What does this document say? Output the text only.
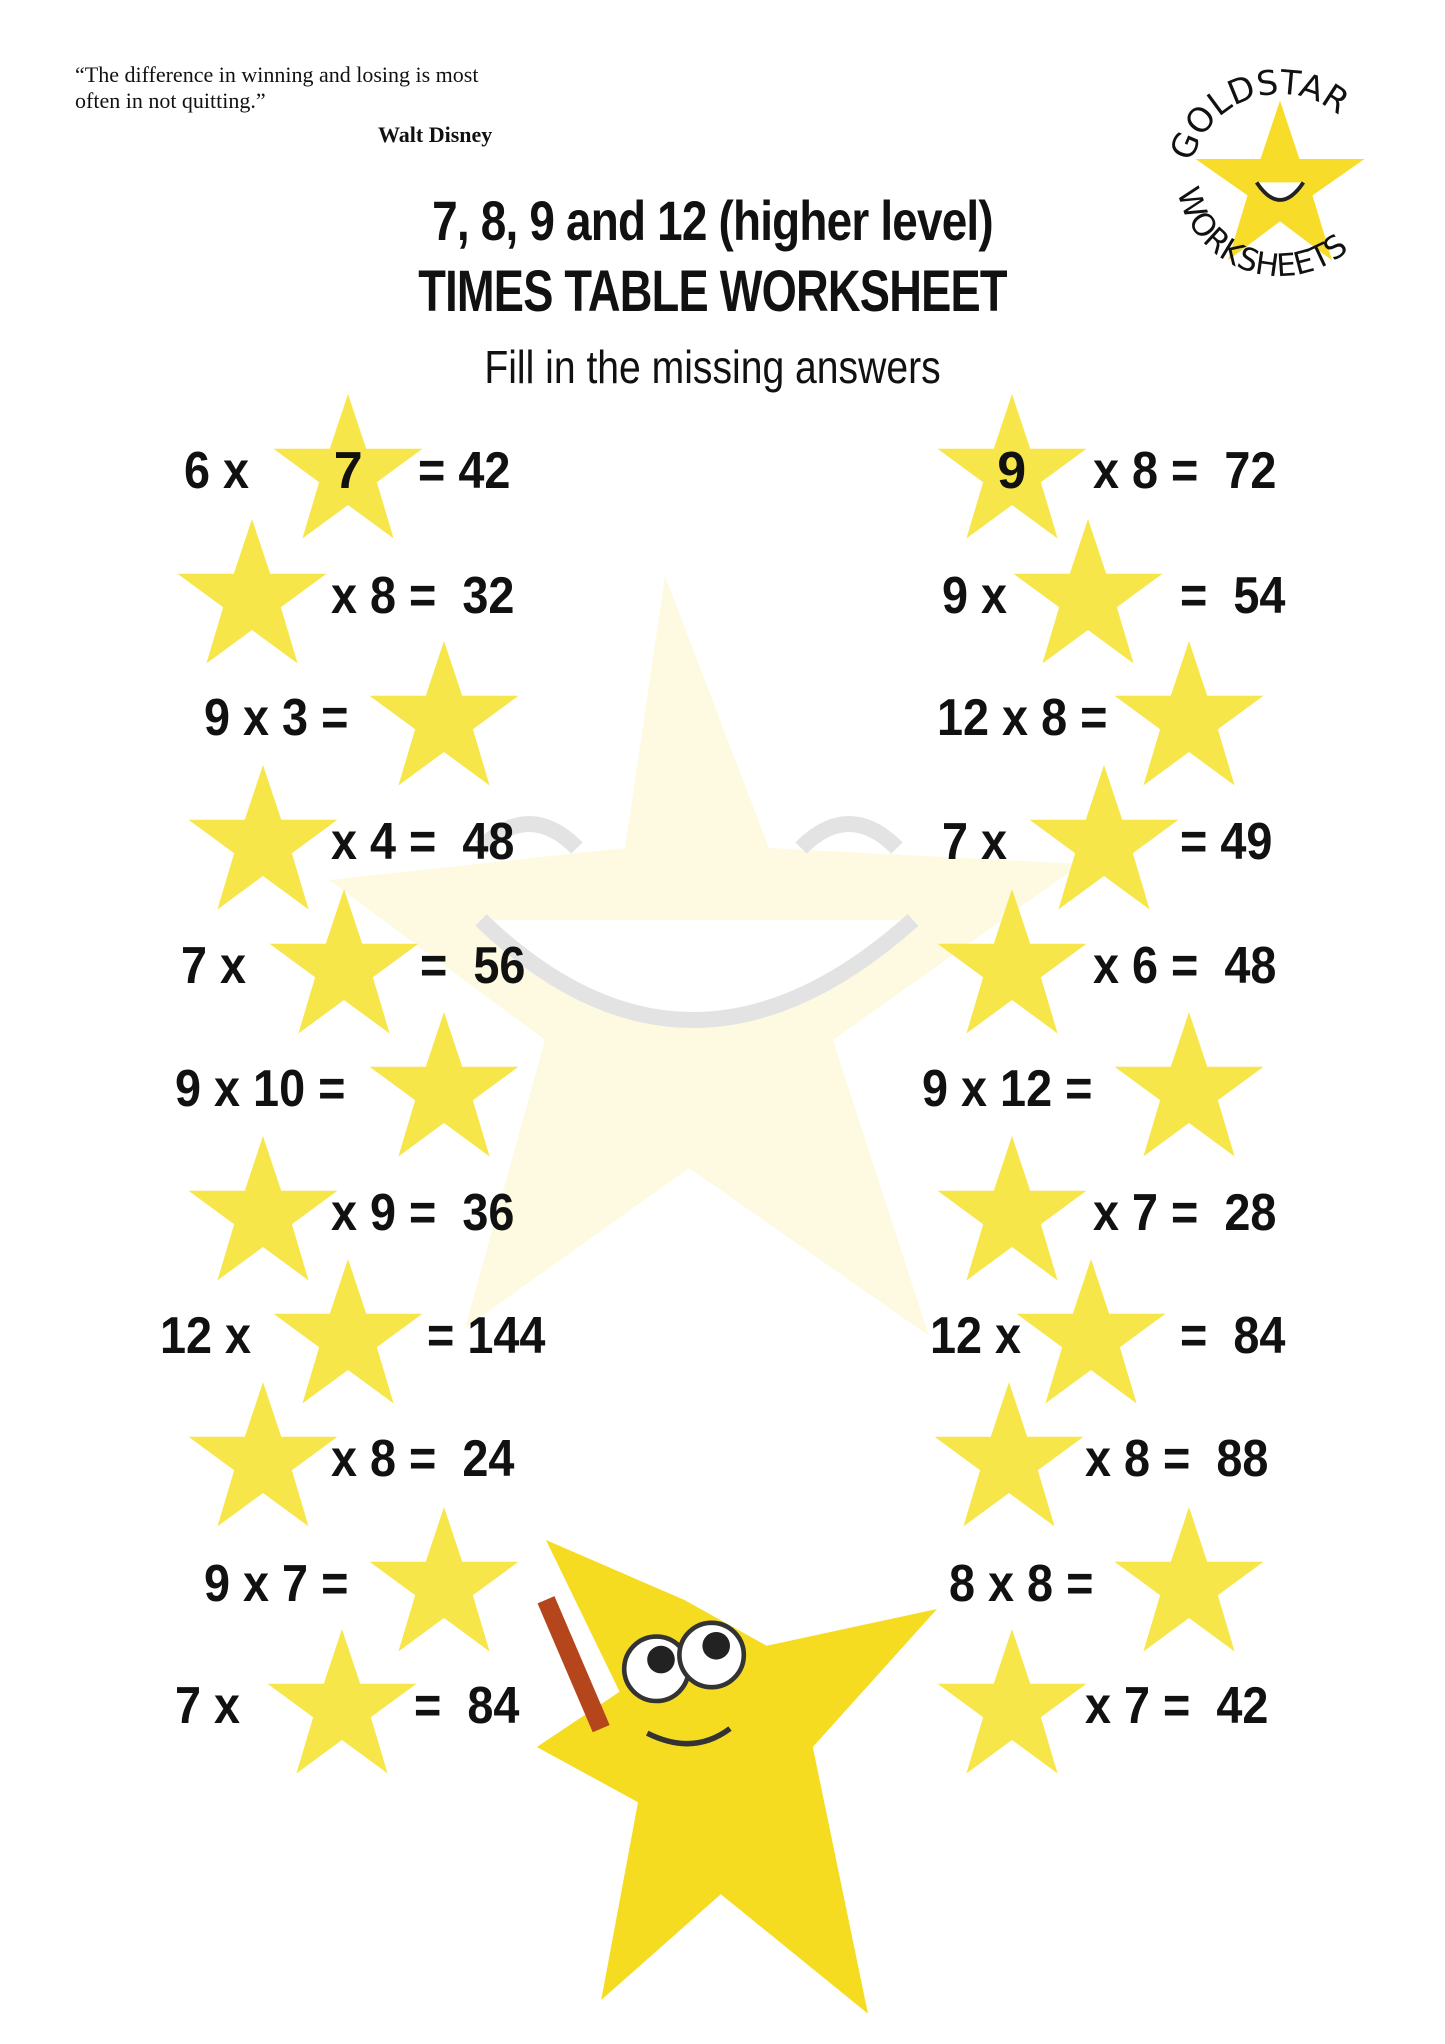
“The difference in winning and losing is most often in not quitting.”
Walt Disney	GOLDSTAR
WORKSHEETS
7, 8, 9 and 12 (higher level)
TIMES TABLE WORKSHEET
Fill in the missing answers
7
6 x	= 42
x 8 =  32
9 x 3 =
x 4 =  48
7 x	=  56
9 x 10 =
x 9 =  36
12 x	= 144
x 8 =  24
9 x 7 =
7 x	=  84
9	x 8 =  72
9 x	=  54
12 x 8 =
7 x	= 49
x 6 =  48
9 x 12 =
x 7 =  28
12 x	=  84
x 8 =  88
8 x 8 =
x 7 =  42
